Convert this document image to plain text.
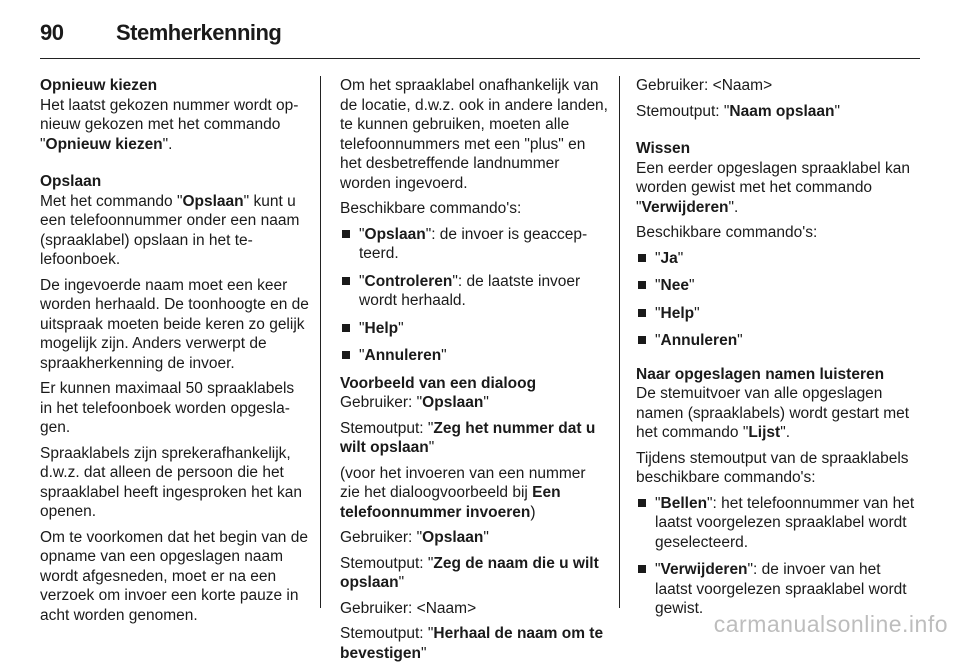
90 Stemherkenning

Opnieuw kiezen

Het laatst gekozen nummer wordt opnieuw gekozen met het commando "Opnieuw kiezen".

Opslaan

Met het commando "Opslaan" kunt u een telefoonnummer onder een naam (spraaklabel) opslaan in het telefoonboek.

De ingevoerde naam moet een keer worden herhaald. De toonhoogte en de uitspraak moeten beide keren zo gelijk mogelijk zijn. Anders verwerpt de spraakherkenning de invoer.

Er kunnen maximaal 50 spraaklabels in het telefoonboek worden opgeslagen.

Spraaklabels zijn sprekerafhankelijk, d.w.z. dat alleen de persoon die het spraaklabel heeft ingesproken het kan openen.

Om te voorkomen dat het begin van de opname van een opgeslagen naam wordt afgesneden, moet er na een verzoek om invoer een korte pauze in acht worden genomen.

Om het spraaklabel onafhankelijk van de locatie, d.w.z. ook in andere landen, te kunnen gebruiken, moeten alle telefoonnummers met een "plus" en het desbetreffende landnummer worden ingevoerd.

Beschikbare commando's:

"Opslaan": de invoer is geaccepteerd.
"Controleren": de laatste invoer wordt herhaald.
"Help"
"Annuleren"

Voorbeeld van een dialoog

Gebruiker: "Opslaan"

Stemoutput: "Zeg het nummer dat u wilt opslaan"

(voor het invoeren van een nummer zie het dialoogvoorbeeld bij Een telefoonnummer invoeren)

Gebruiker: "Opslaan"

Stemoutput: "Zeg de naam die u wilt opslaan"

Gebruiker: <Naam>

Stemoutput: "Herhaal de naam om te bevestigen"

Gebruiker: <Naam>

Stemoutput: "Naam opslaan"

Wissen

Een eerder opgeslagen spraaklabel kan worden gewist met het commando "Verwijderen".

Beschikbare commando's:

"Ja"
"Nee"
"Help"
"Annuleren"

Naar opgeslagen namen luisteren

De stemuitvoer van alle opgeslagen namen (spraaklabels) wordt gestart met het commando "Lijst".

Tijdens stemoutput van de spraaklabels beschikbare commando's:

"Bellen": het telefoonnummer van het laatst voorgelezen spraaklabel wordt geselecteerd.
"Verwijderen": de invoer van het laatst voorgelezen spraaklabel wordt gewist.
carmanualsonline.info
